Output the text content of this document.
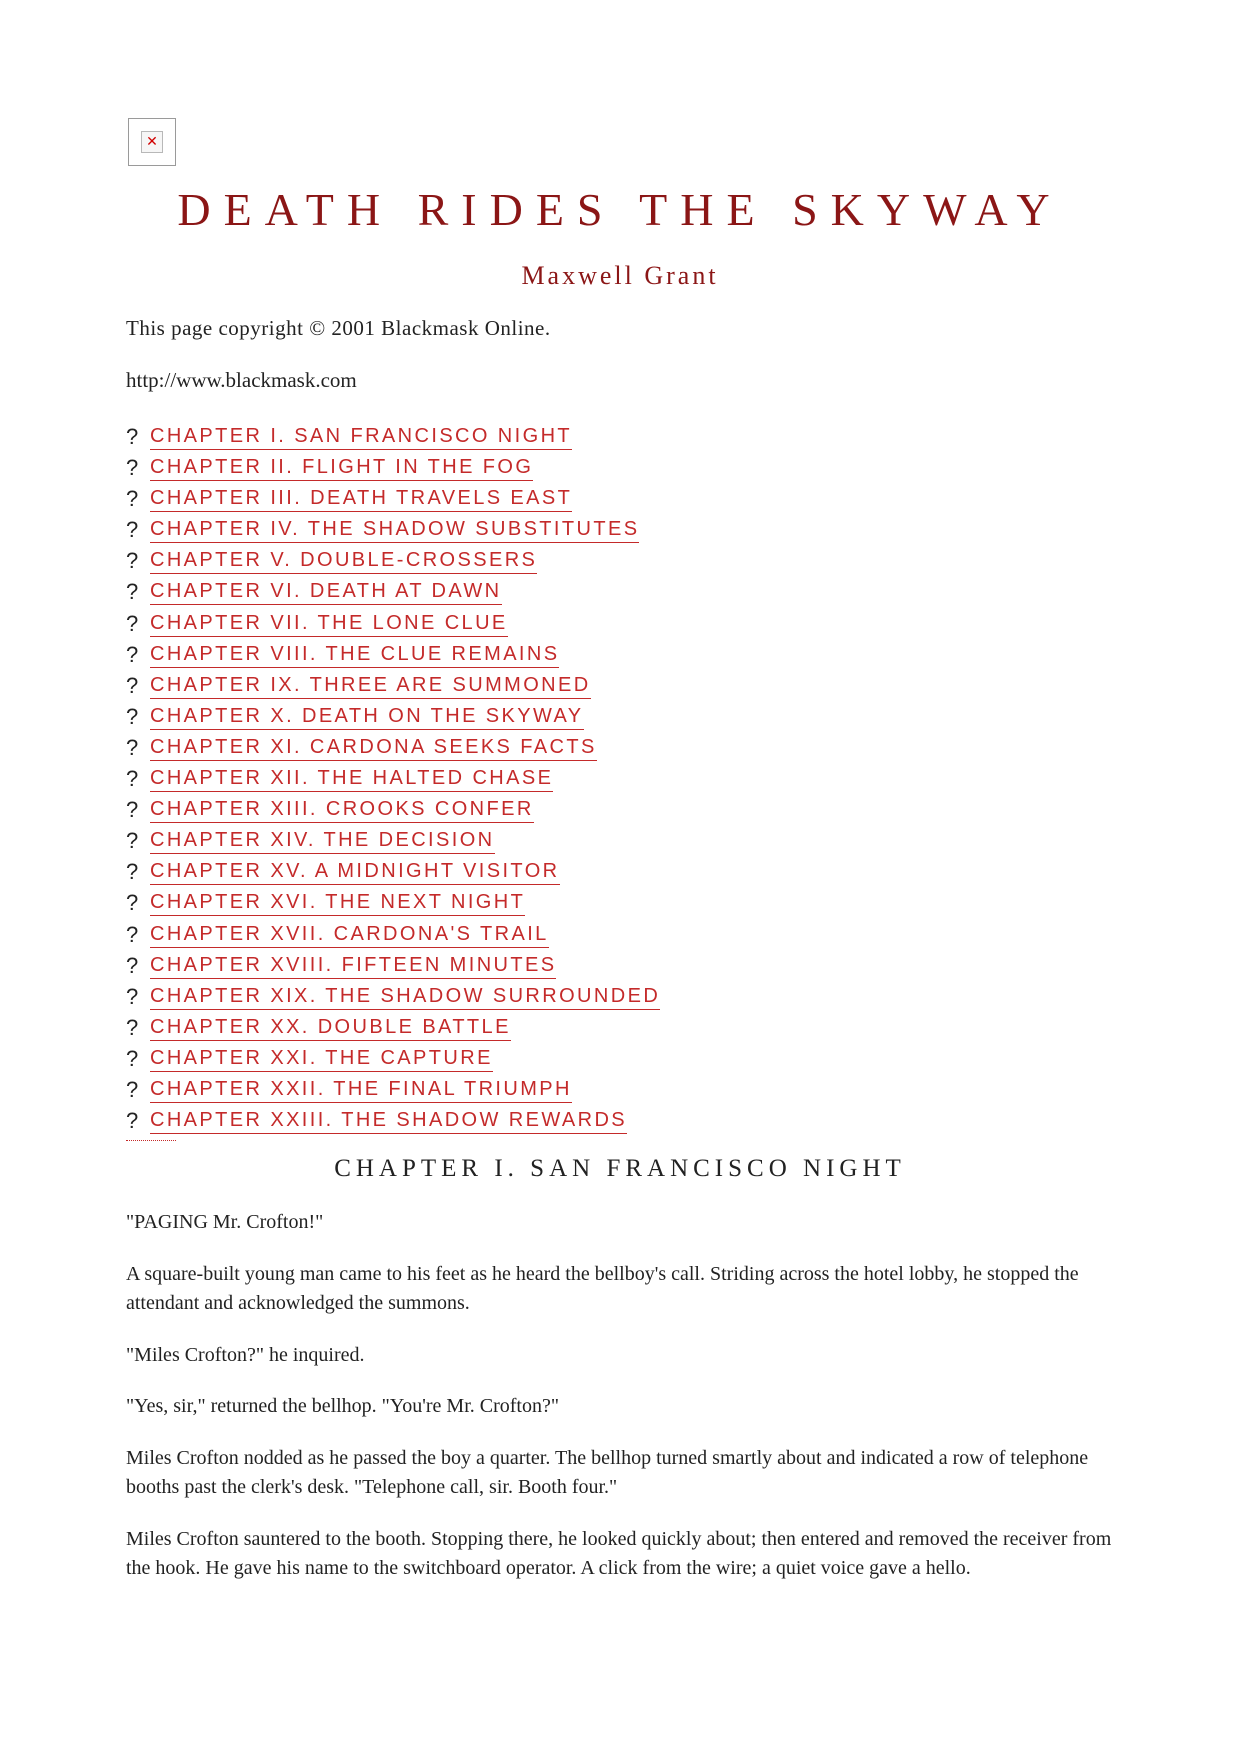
✕
DEATH RIDES THE SKYWAY
Maxwell Grant
This page copyright © 2001 Blackmask Online.
http://www.blackmask.com
? CHAPTER I. SAN FRANCISCO NIGHT
? CHAPTER II. FLIGHT IN THE FOG
? CHAPTER III. DEATH TRAVELS EAST
? CHAPTER IV. THE SHADOW SUBSTITUTES
? CHAPTER V. DOUBLE-CROSSERS
? CHAPTER VI. DEATH AT DAWN
? CHAPTER VII. THE LONE CLUE
? CHAPTER VIII. THE CLUE REMAINS
? CHAPTER IX. THREE ARE SUMMONED
? CHAPTER X. DEATH ON THE SKYWAY
? CHAPTER XI. CARDONA SEEKS FACTS
? CHAPTER XII. THE HALTED CHASE
? CHAPTER XIII. CROOKS CONFER
? CHAPTER XIV. THE DECISION
? CHAPTER XV. A MIDNIGHT VISITOR
? CHAPTER XVI. THE NEXT NIGHT
? CHAPTER XVII. CARDONA'S TRAIL
? CHAPTER XVIII. FIFTEEN MINUTES
? CHAPTER XIX. THE SHADOW SURROUNDED
? CHAPTER XX. DOUBLE BATTLE
? CHAPTER XXI. THE CAPTURE
? CHAPTER XXII. THE FINAL TRIUMPH
? CHAPTER XXIII. THE SHADOW REWARDS
CHAPTER I. SAN FRANCISCO NIGHT

"PAGING Mr. Crofton!"

A square-built young man came to his feet as he heard the bellboy's call. Striding across the hotel lobby, he stopped the attendant and acknowledged the summons.

"Miles Crofton?" he inquired.

"Yes, sir," returned the bellhop. "You're Mr. Crofton?"

Miles Crofton nodded as he passed the boy a quarter. The bellhop turned smartly about and indicated a row of telephone booths past the clerk's desk. "Telephone call, sir. Booth four."

Miles Crofton sauntered to the booth. Stopping there, he looked quickly about; then entered and removed the receiver from the hook. He gave his name to the switchboard operator. A click from the wire; a quiet voice gave a hello.
